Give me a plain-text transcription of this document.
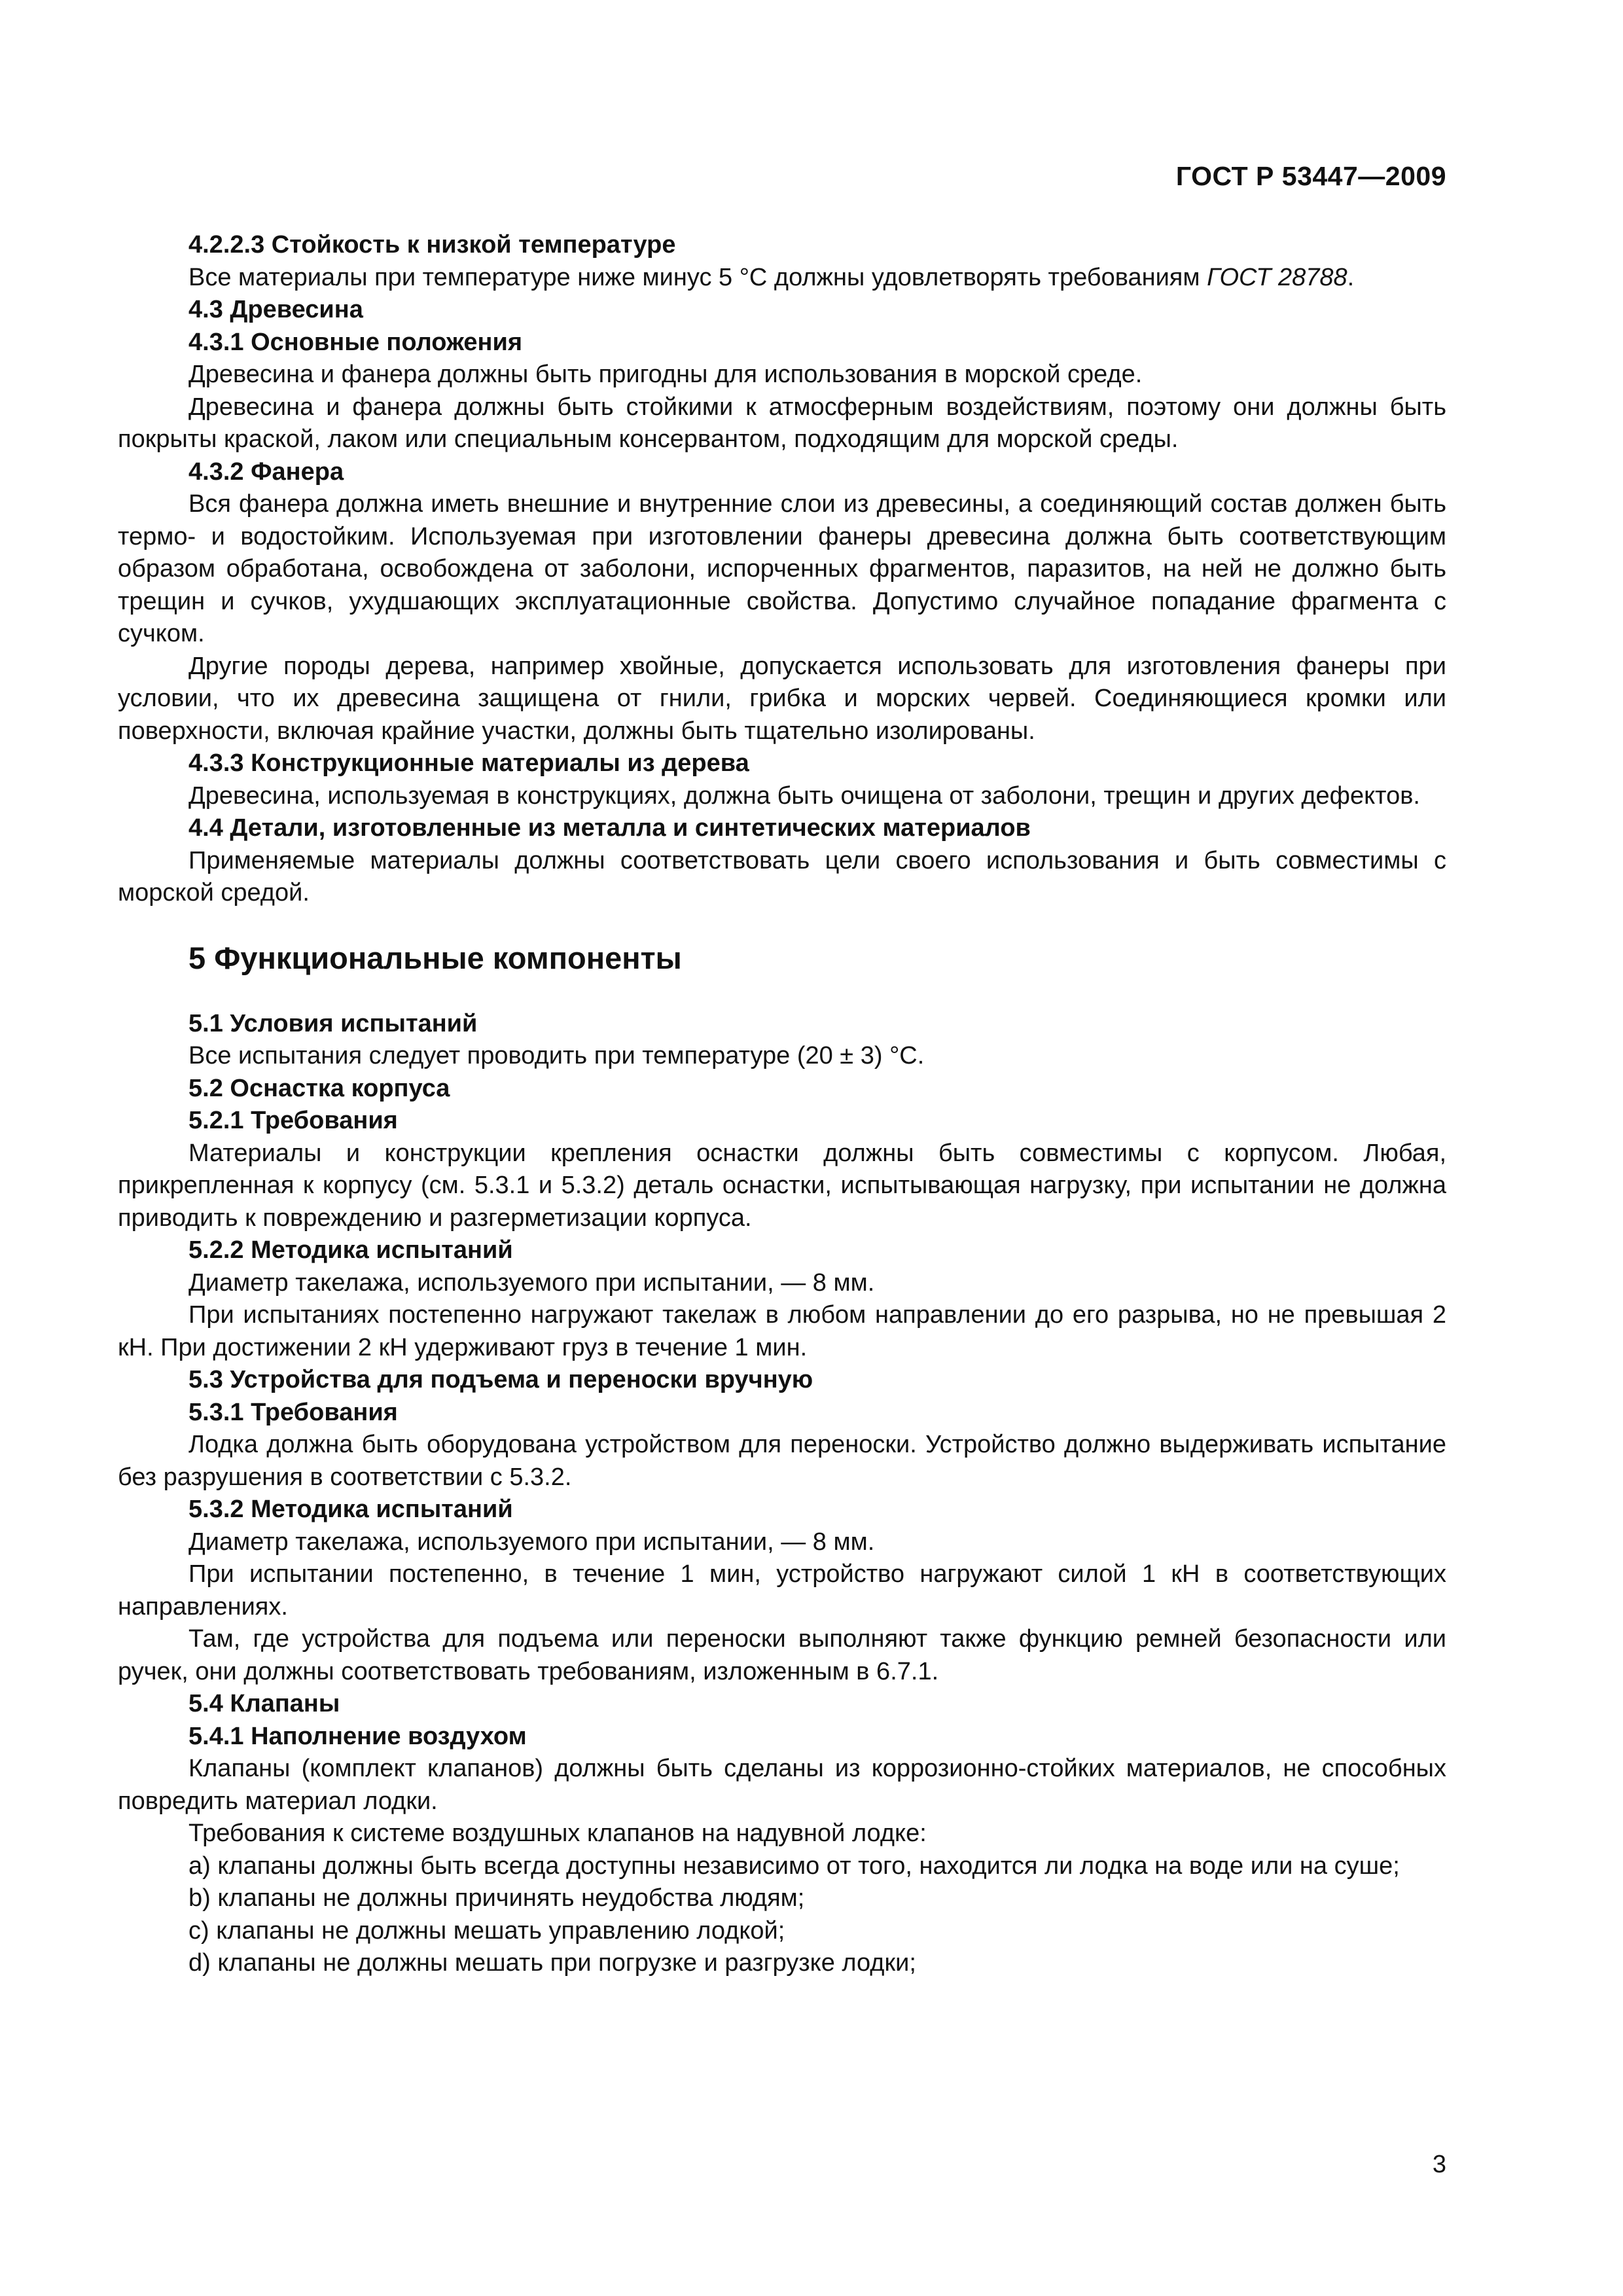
ГОСТ Р 53447—2009

4.2.2.3 Стойкость к низкой температуре

Все материалы при температуре ниже минус 5 °С должны удовлетворять требованиям ГОСТ 28788.

4.3 Древесина

4.3.1 Основные положения

Древесина и фанера должны быть пригодны для использования в морской среде.

Древесина и фанера должны быть стойкими к атмосферным воздействиям, поэтому они должны быть покрыты краской, лаком или специальным консервантом, подходящим для морской среды.

4.3.2 Фанера

Вся фанера должна иметь внешние и внутренние слои из древесины, а соединяющий состав должен быть термо- и водостойким. Используемая при изготовлении фанеры древесина должна быть соответствующим образом обработана, освобождена от заболони, испорченных фрагментов, паразитов, на ней не должно быть трещин и сучков, ухудшающих эксплуатационные свойства. Допустимо случайное попадание фрагмента с сучком.

Другие породы дерева, например хвойные, допускается использовать для изготовления фанеры при условии, что их древесина защищена от гнили, грибка и морских червей. Соединяющиеся кромки или поверхности, включая крайние участки, должны быть тщательно изолированы.

4.3.3 Конструкционные материалы из дерева

Древесина, используемая в конструкциях, должна быть очищена от заболони, трещин и других дефектов.

4.4 Детали, изготовленные из металла и синтетических материалов

Применяемые материалы должны соответствовать цели своего использования и быть совместимы с морской средой.

5 Функциональные компоненты

5.1 Условия испытаний

Все испытания следует проводить при температуре (20 ± 3) °С.

5.2 Оснастка корпуса

5.2.1 Требования

Материалы и конструкции крепления оснастки должны быть совместимы с корпусом. Любая, прикрепленная к корпусу (см. 5.3.1 и 5.3.2) деталь оснастки, испытывающая нагрузку, при испытании не должна приводить к повреждению и разгерметизации корпуса.

5.2.2 Методика испытаний

Диаметр такелажа, используемого при испытании, — 8 мм.

При испытаниях постепенно нагружают такелаж в любом направлении до его разрыва, но не превышая 2 кН. При достижении 2 кН удерживают груз в течение 1 мин.

5.3 Устройства для подъема и переноски вручную

5.3.1 Требования

Лодка должна быть оборудована устройством для переноски. Устройство должно выдерживать испытание без разрушения в соответствии с 5.3.2.

5.3.2 Методика испытаний

Диаметр такелажа, используемого при испытании, — 8 мм.

При испытании постепенно, в течение 1 мин, устройство нагружают силой 1 кН в соответствующих направлениях.

Там, где устройства для подъема или переноски выполняют также функцию ремней безопасности или ручек, они должны соответствовать требованиям, изложенным в 6.7.1.

5.4 Клапаны

5.4.1 Наполнение воздухом

Клапаны (комплект клапанов) должны быть сделаны из коррозионно-стойких материалов, не способных повредить материал лодки.

Требования к системе воздушных клапанов на надувной лодке:

а) клапаны должны быть всегда доступны независимо от того, находится ли лодка на воде или на суше;

b) клапаны не должны причинять неудобства людям;

с) клапаны не должны мешать управлению лодкой;

d) клапаны не должны мешать при погрузке и разгрузке лодки;

3
